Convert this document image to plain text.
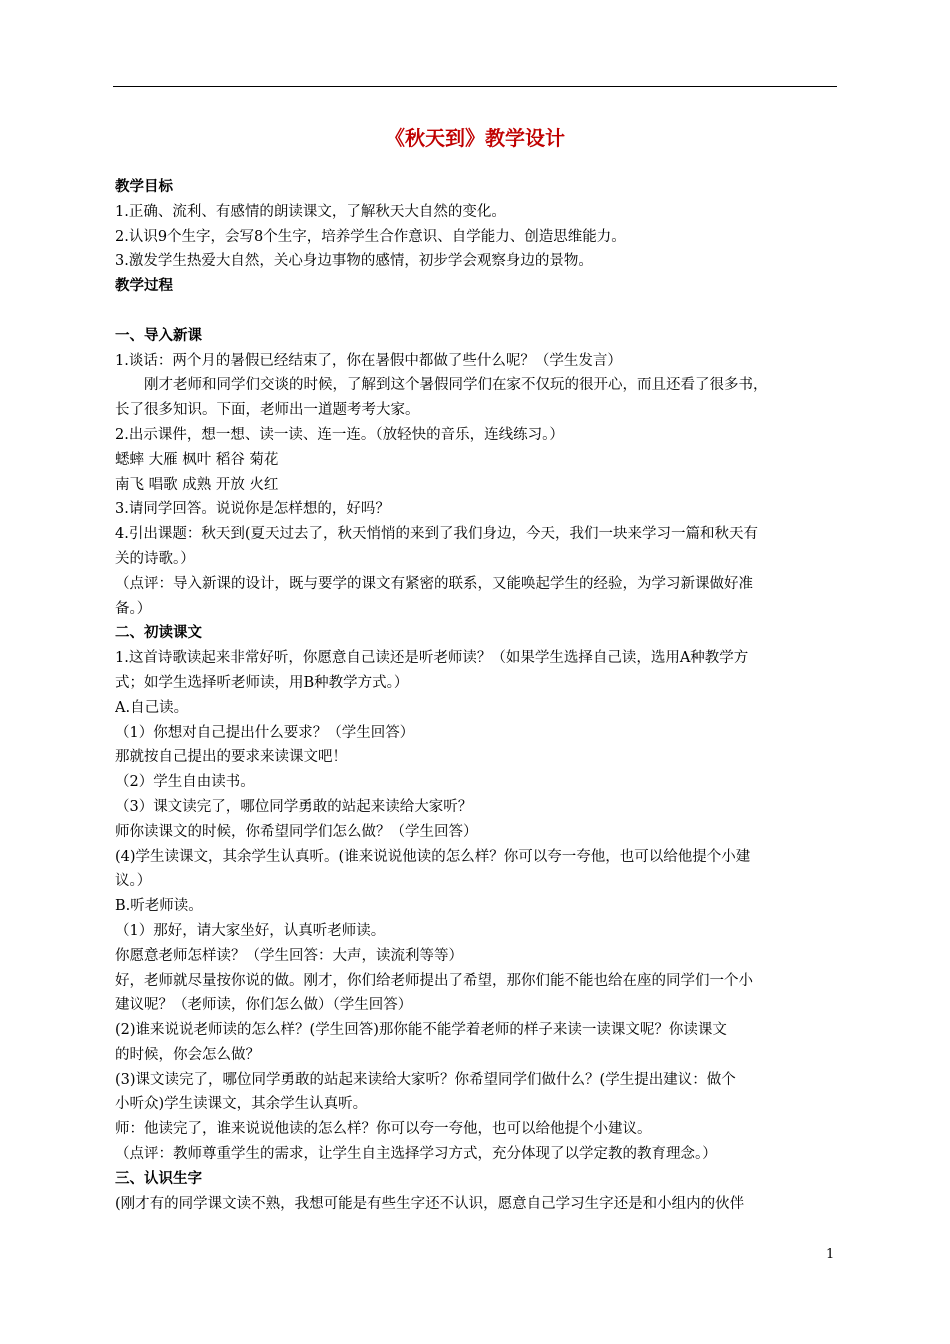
《秋天到》教学设计
教学目标
1.正确、流利、有感情的朗读课文，了解秋天大自然的变化。
2.认识9个生字，会写8个生字，培养学生合作意识、自学能力、创造思维能力。
3.激发学生热爱大自然，关心身边事物的感情，初步学会观察身边的景物。
教学过程
一、导入新课
1.谈话：两个月的暑假已经结束了，你在暑假中都做了些什么呢？（学生发言）
刚才老师和同学们交谈的时候，了解到这个暑假同学们在家不仅玩的很开心，而且还看了很多书，
长了很多知识。下面，老师出一道题考考大家。
2.出示课件，想一想、读一读、连一连。（放轻快的音乐，连线练习。）
蟋蟀 大雁 枫叶 稻谷 菊花
南飞 唱歌 成熟 开放 火红
3.请同学回答。说说你是怎样想的，好吗？
4.引出课题：秋天到(夏天过去了，秋天悄悄的来到了我们身边，今天，我们一块来学习一篇和秋天有
关的诗歌。）
（点评：导入新课的设计，既与要学的课文有紧密的联系，又能唤起学生的经验，为学习新课做好准
备。）
二、初读课文
1.这首诗歌读起来非常好听，你愿意自己读还是听老师读？（如果学生选择自己读，选用A种教学方
式；如学生选择听老师读，用B种教学方式。）
A.自己读。
（1）你想对自己提出什么要求？（学生回答）
那就按自己提出的要求来读课文吧！
（2）学生自由读书。
（3）课文读完了，哪位同学勇敢的站起来读给大家听？
师你读课文的时候，你希望同学们怎么做？（学生回答）
(4)学生读课文，其余学生认真听。(谁来说说他读的怎么样？你可以夸一夸他，也可以给他提个小建
议。）
B.听老师读。
（1）那好，请大家坐好，认真听老师读。
你愿意老师怎样读？（学生回答：大声，读流利等等）
好，老师就尽量按你说的做。刚才，你们给老师提出了希望，那你们能不能也给在座的同学们一个小
建议呢？（老师读，你们怎么做）（学生回答）
(2)谁来说说老师读的怎么样？(学生回答)那你能不能学着老师的样子来读一读课文呢？你读课文
的时候，你会怎么做？
(3)课文读完了，哪位同学勇敢的站起来读给大家听？你希望同学们做什么？(学生提出建议：做个
小听众)学生读课文，其余学生认真听。
师：他读完了，谁来说说他读的怎么样？你可以夸一夸他，也可以给他提个小建议。
（点评：教师尊重学生的需求，让学生自主选择学习方式，充分体现了以学定教的教育理念。）
三、认识生字
(刚才有的同学课文读不熟，我想可能是有些生字还不认识，愿意自己学习生字还是和小组内的伙伴
1
